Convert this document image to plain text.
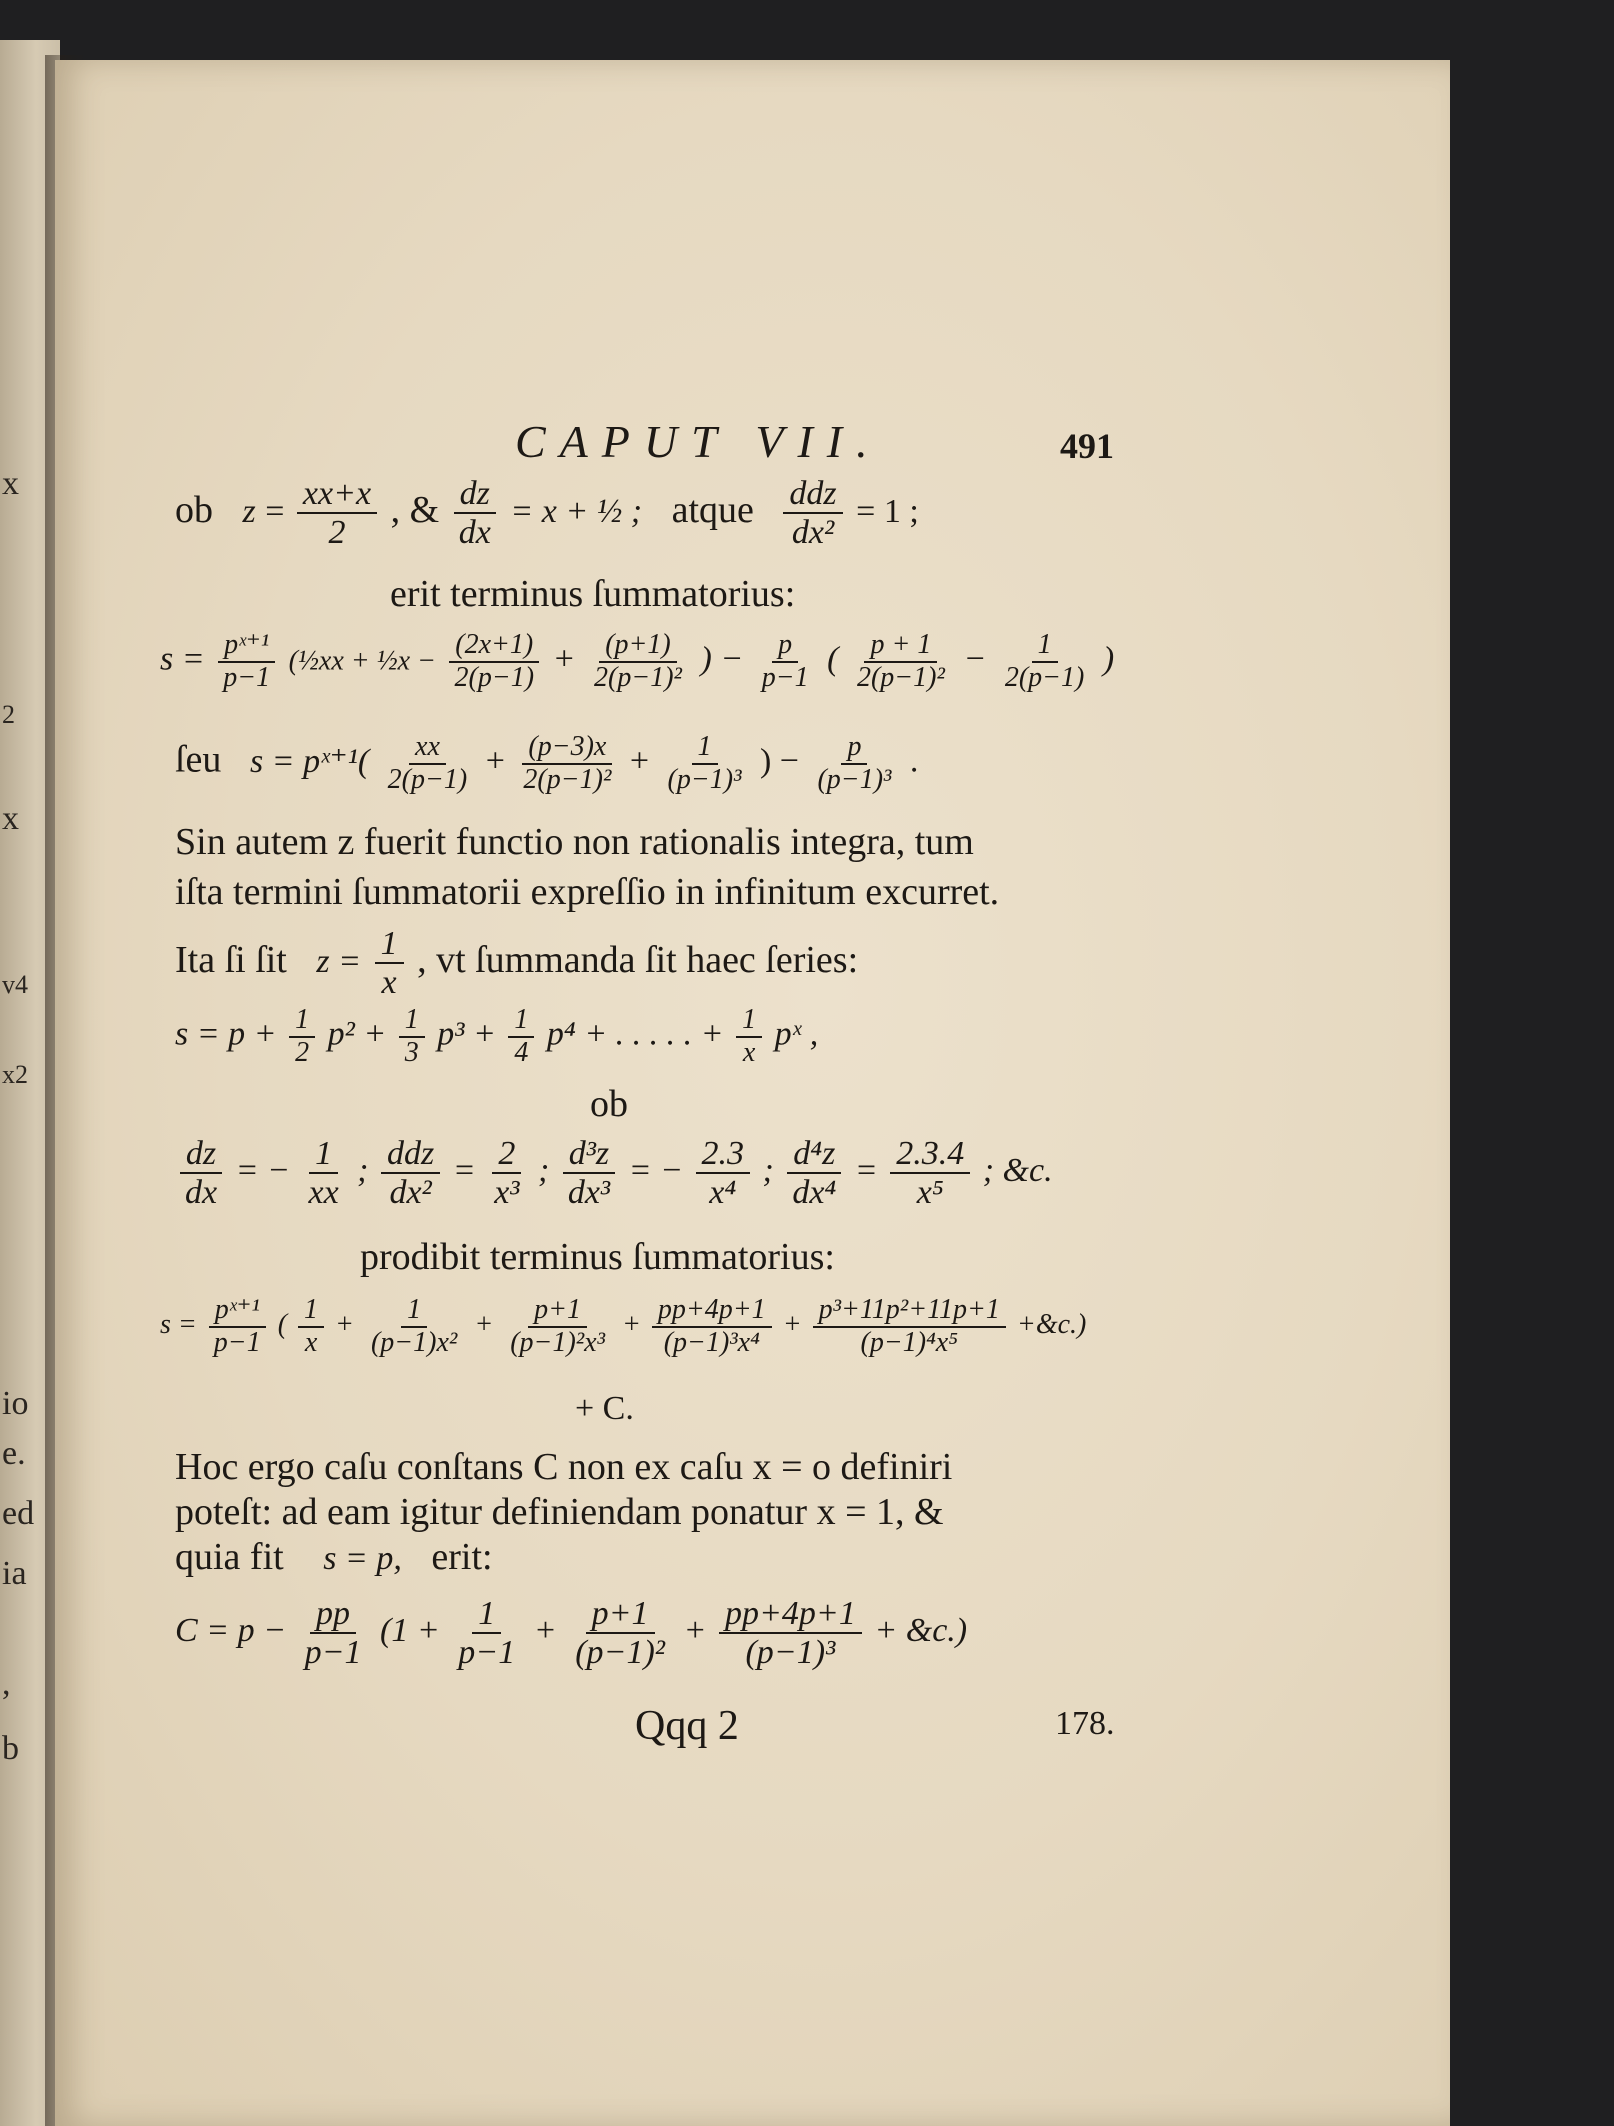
x
2
x
v4
x2
io
e.
ed
ia
,
b
CAPUT VII.	491
ob $z = \frac{xx+x}{2}$ , & $\frac{dz}{dx} = x$ + ½ ; atque $\frac{\text{ddz}}{\text{dx²}} = 1$ ;
erit terminus ſummatorius:
$s = \frac{\text{pˣ⁺¹}}{p-1}$ (½xx + ½x − $\frac{(2x+1)}{2(p-1)} + \frac{(p+1)}{\text{2(p−1)²}}$ ) − $\frac{p}{p-1}$ ( $\frac{p + 1}{\text{2(p−1)²}} - \frac{1}{2(p-1)}$ )
ſeu s = pˣ⁺¹( $\frac{xx}{2(p-1)} + \frac{(p-3)x}{\text{2(p−1)²}} + \frac{1}{\text{(p−1)³}}$ ) − $\frac{p}{\text{(p−1)³}}$ .
Sin autem z fuerit functio non rationalis integra, tum
iſta termini ſummatorii expreſſio in infinitum excurret.
Ita ſi ſit $z = \frac{1}{x}$ , vt ſummanda ſit haec ſeries:
$s = p + \frac{1}{2} p^2 + \frac{1}{3} p^3 + \frac{1}{4} p^4$ + . . . . . + $\frac{1}{x}$ pˣ ,
ob
$\frac{dz}{dx}$ = − $\frac{1}{xx}$ ; $\frac{\text{ddz}}{\text{dx²}} = \frac{2}{\text{x³}}$ ; $\frac{\text{d³z}}{\text{dx³}}$ = − $\frac{2.3}{\text{x⁴}}$ ; $\frac{\text{d⁴z}}{\text{dx⁴}} = \frac{2.3.4}{\text{x⁵}}$ ; &c.
prodibit terminus ſummatorius:
$s = \frac{\text{pˣ⁺¹}}{p-1}$ ( $\frac{1}{x} + \frac{1}{\text{(p−1)x²}} + \frac{p+1}{\text{(p−1)²x³}} + \frac{pp+4p+1}{\text{(p−1)³x⁴}} + \frac{\text{p³+11p²+11p+1}}{\text{(p−1)⁴x⁵}}$ +&c.)
+ C.
Hoc ergo caſu conſtans C non ex caſu x = o definiri
poteſt: ad eam igitur definiendam ponatur x = 1, &
quia fit s = p, erit:
$C = p - \frac{pp}{p-1} (1 + \frac{1}{p-1} + \frac{p+1}{\text{(p−1)²}} + \frac{pp+4p+1}{\text{(p−1)³}}$ + &c.)
Qqq 2	178.
